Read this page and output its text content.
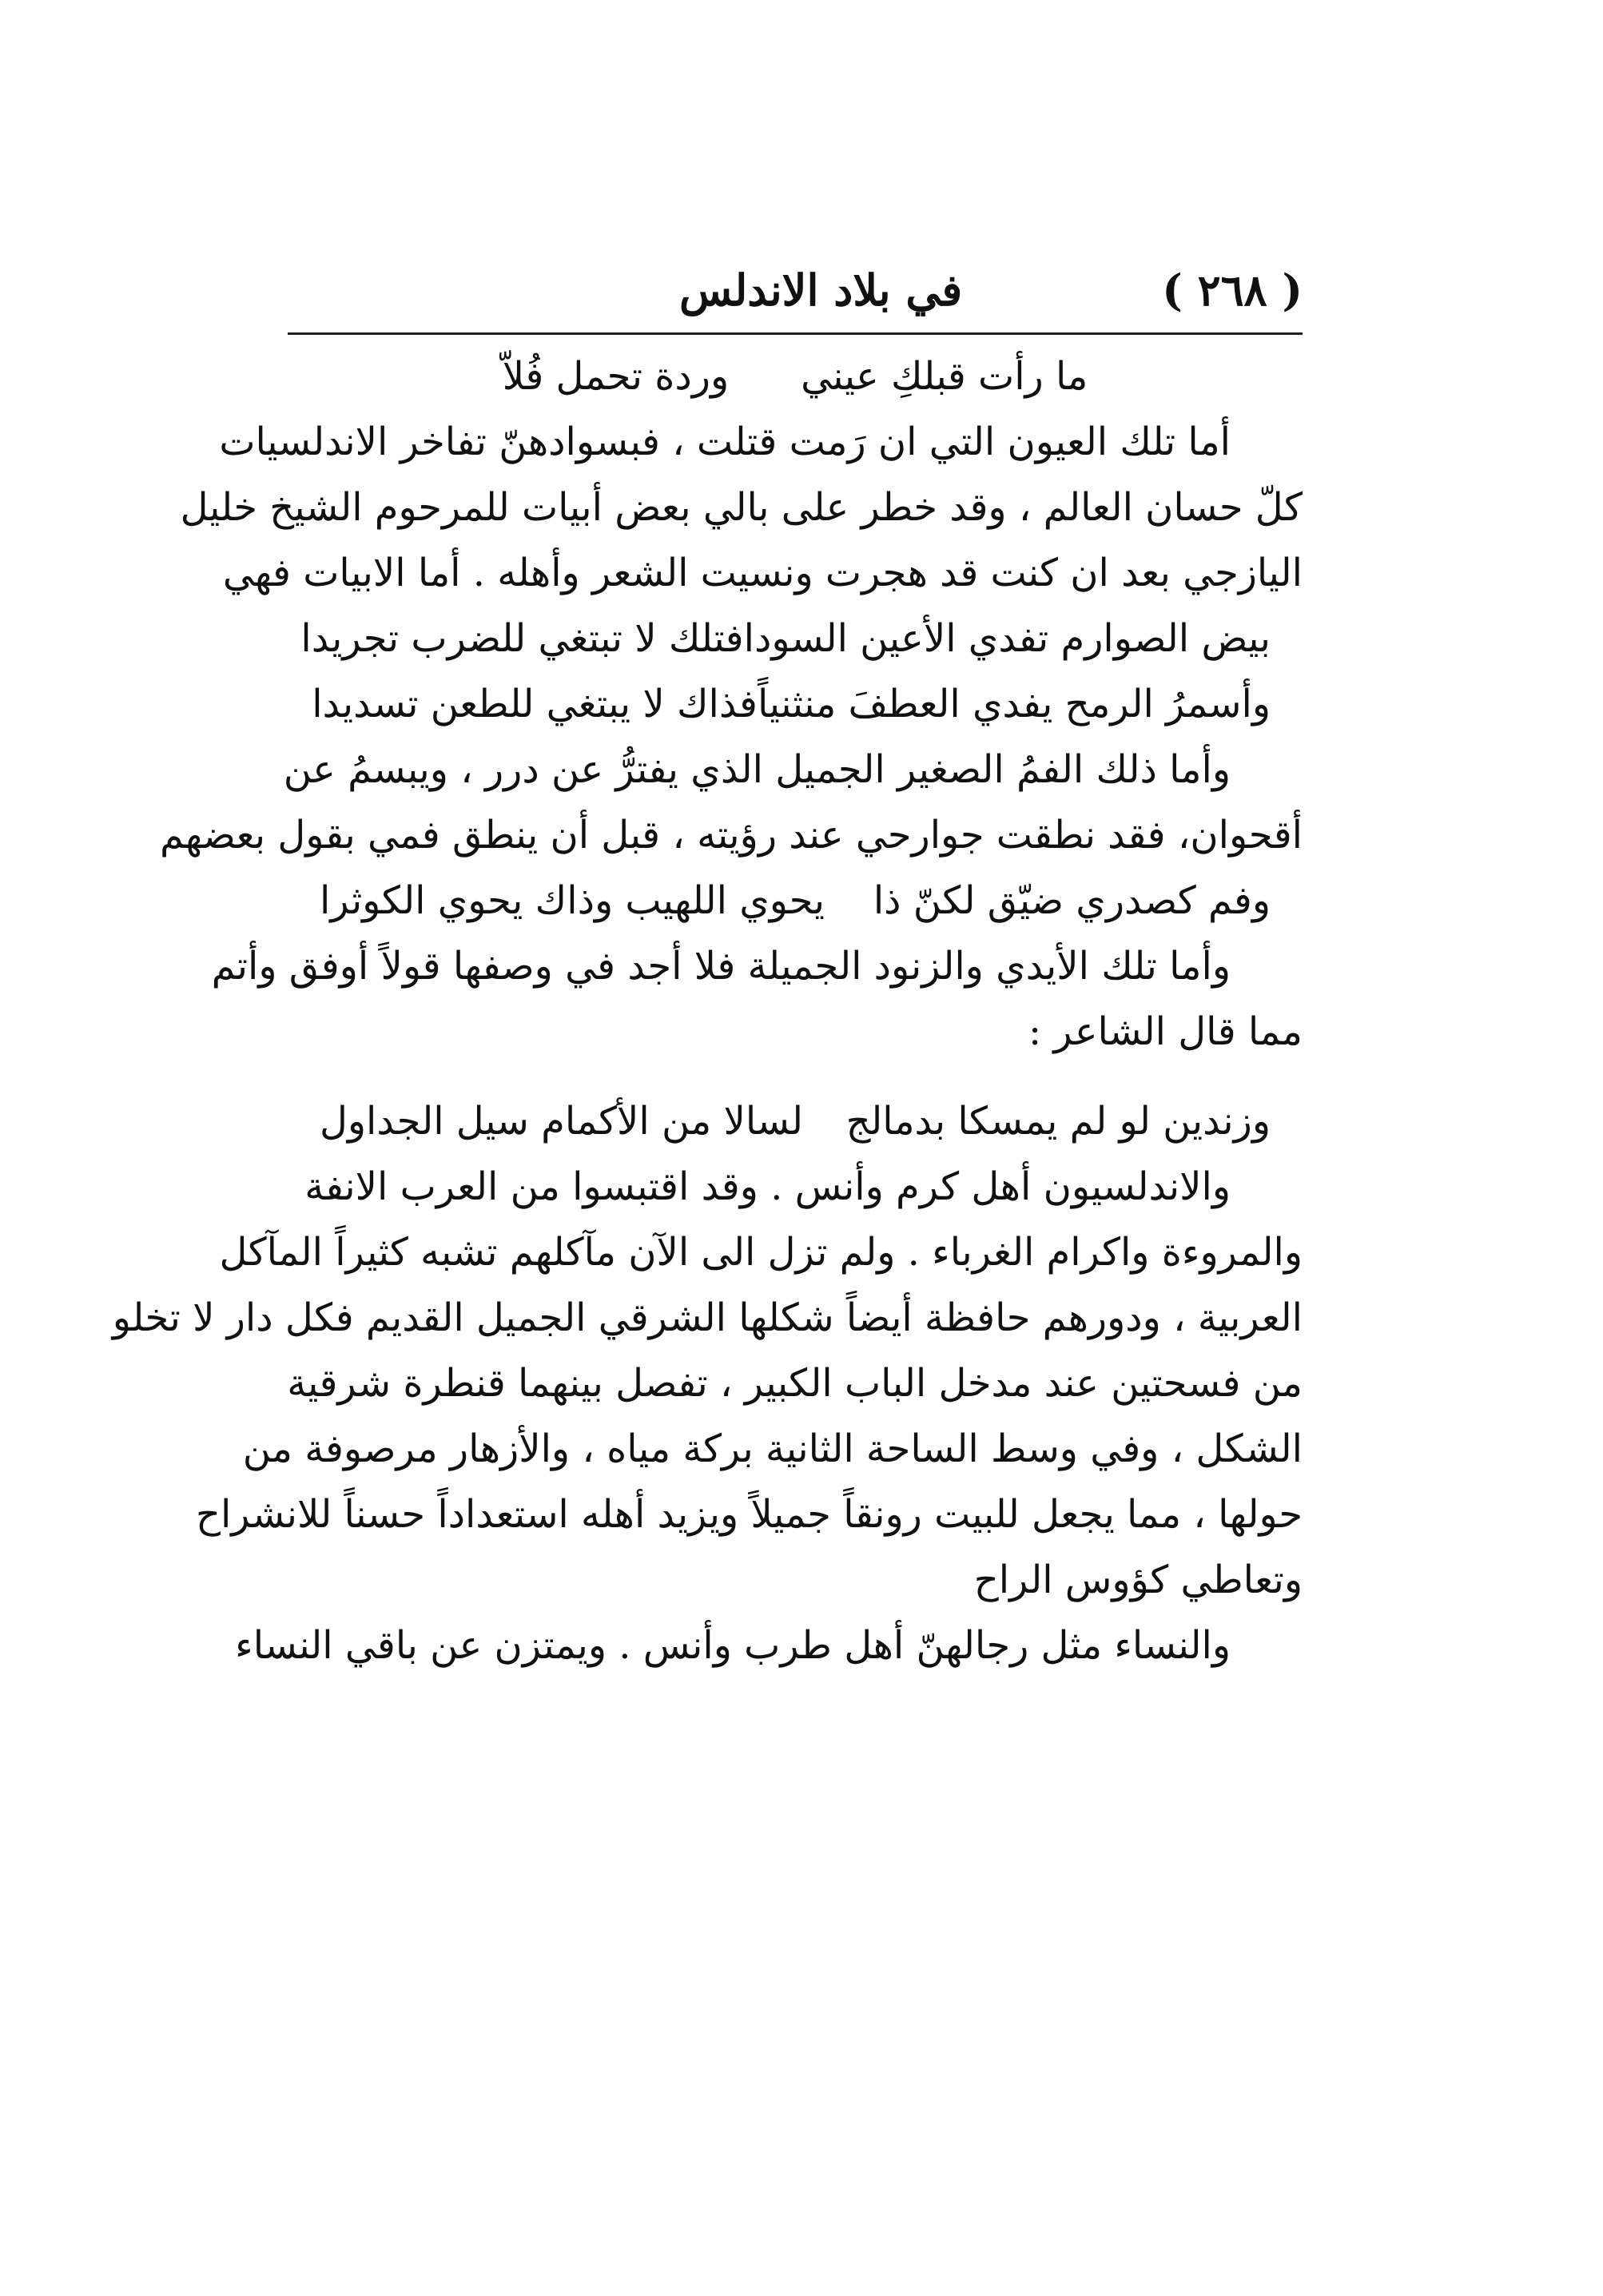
في بلاد الاندلس	( ٢٦٨ )
ما رأت قبلكِ عيني
وردة تحمل فُلاّ
أما تلك العيون التي ان رَمت قتلت ، فبسوادهنّ تفاخر الاندلسيات
كلّ حسان العالم ، وقد خطر على بالي بعض أبيات للمرحوم الشيخ خليل
اليازجي بعد ان كنت قد هجرت ونسيت الشعر وأهله . أما الابيات فهي
بيض الصوارم تفدي الأعين السودا
فتلك لا تبتغي للضرب تجريدا
وأسمرُ الرمح يفدي العطفَ منثنياً
فذاك لا يبتغي للطعن تسديدا
وأما ذلك الفمُ الصغير الجميل الذي يفترُّ عن درر ، ويبسمُ عن
أقحوان، فقد نطقت جوارحي عند رؤيته ، قبل أن ينطق فمي بقول بعضهم
وفم كصدري ضيّق لكنّ ذا
يحوي اللهيب وذاك يحوي الكوثرا
وأما تلك الأيدي والزنود الجميلة فلا أجد في وصفها قولاً أوفق وأتم
مما قال الشاعر :
وزندين لو لم يمسكا بدمالج
لسالا من الأكمام سيل الجداول
والاندلسيون أهل كرم وأنس . وقد اقتبسوا من العرب الانفة
والمروءة واكرام الغرباء . ولم تزل الى الآن مآكلهم تشبه كثيراً المآكل
العربية ، ودورهم حافظة أيضاً شكلها الشرقي الجميل القديم فكل دار لا تخلو
من فسحتين عند مدخل الباب الكبير ، تفصل بينهما قنطرة شرقية
الشكل ، وفي وسط الساحة الثانية بركة مياه ، والأزهار مرصوفة من
حولها ، مما يجعل للبيت رونقاً جميلاً ويزيد أهله استعداداً حسناً للانشراح
وتعاطي كؤوس الراح
والنساء مثل رجالهنّ أهل طرب وأنس . ويمتزن عن باقي النساء
